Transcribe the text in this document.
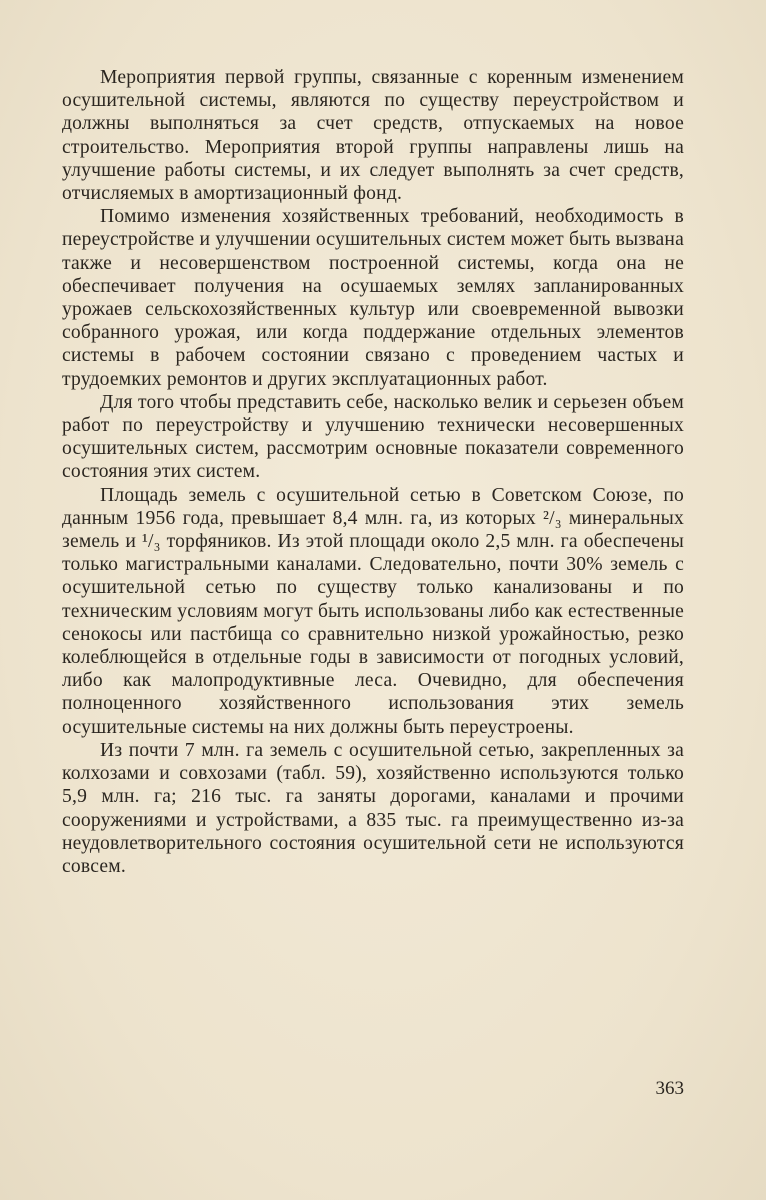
Мероприятия первой группы, связанные с коренным изменением осушительной системы, являются по существу переустройством и должны выполняться за счет средств, отпускаемых на новое строительство. Мероприятия второй группы направлены лишь на улучшение работы системы, и их следует выполнять за счет средств, отчисляемых в амортизационный фонд.

Помимо изменения хозяйственных требований, необходимость в переустройстве и улучшении осушительных систем может быть вызвана также и несовершенством построенной системы, когда она не обеспечивает получения на осушаемых землях запланированных урожаев сельскохозяйственных культур или своевременной вывозки собранного урожая, или когда поддержание отдельных элементов системы в рабочем состоянии связано с проведением частых и трудоемких ремонтов и других эксплуатационных работ.

Для того чтобы представить себе, насколько велик и серьезен объем работ по переустройству и улучшению технически несовершенных осушительных систем, рассмотрим основные показатели современного состояния этих систем.

Площадь земель с осушительной сетью в Советском Союзе, по данным 1956 года, превышает 8,4 млн. га, из которых ²/₃ минеральных земель и ¹/₃ торфяников. Из этой площади около 2,5 млн. га обеспечены только магистральными каналами. Следовательно, почти 30% земель с осушительной сетью по существу только канализованы и по техническим условиям могут быть использованы либо как естественные сенокосы или пастбища со сравнительно низкой урожайностью, резко колеблющейся в отдельные годы в зависимости от погодных условий, либо как малопродуктивные леса. Очевидно, для обеспечения полноценного хозяйственного использования этих земель осушительные системы на них должны быть переустроены.

Из почти 7 млн. га земель с осушительной сетью, закрепленных за колхозами и совхозами (табл. 59), хозяйственно используются только 5,9 млн. га; 216 тыс. га заняты дорогами, каналами и прочими сооружениями и устройствами, а 835 тыс. га преимущественно из-за неудовлетворительного состояния осушительной сети не используются совсем.

363
